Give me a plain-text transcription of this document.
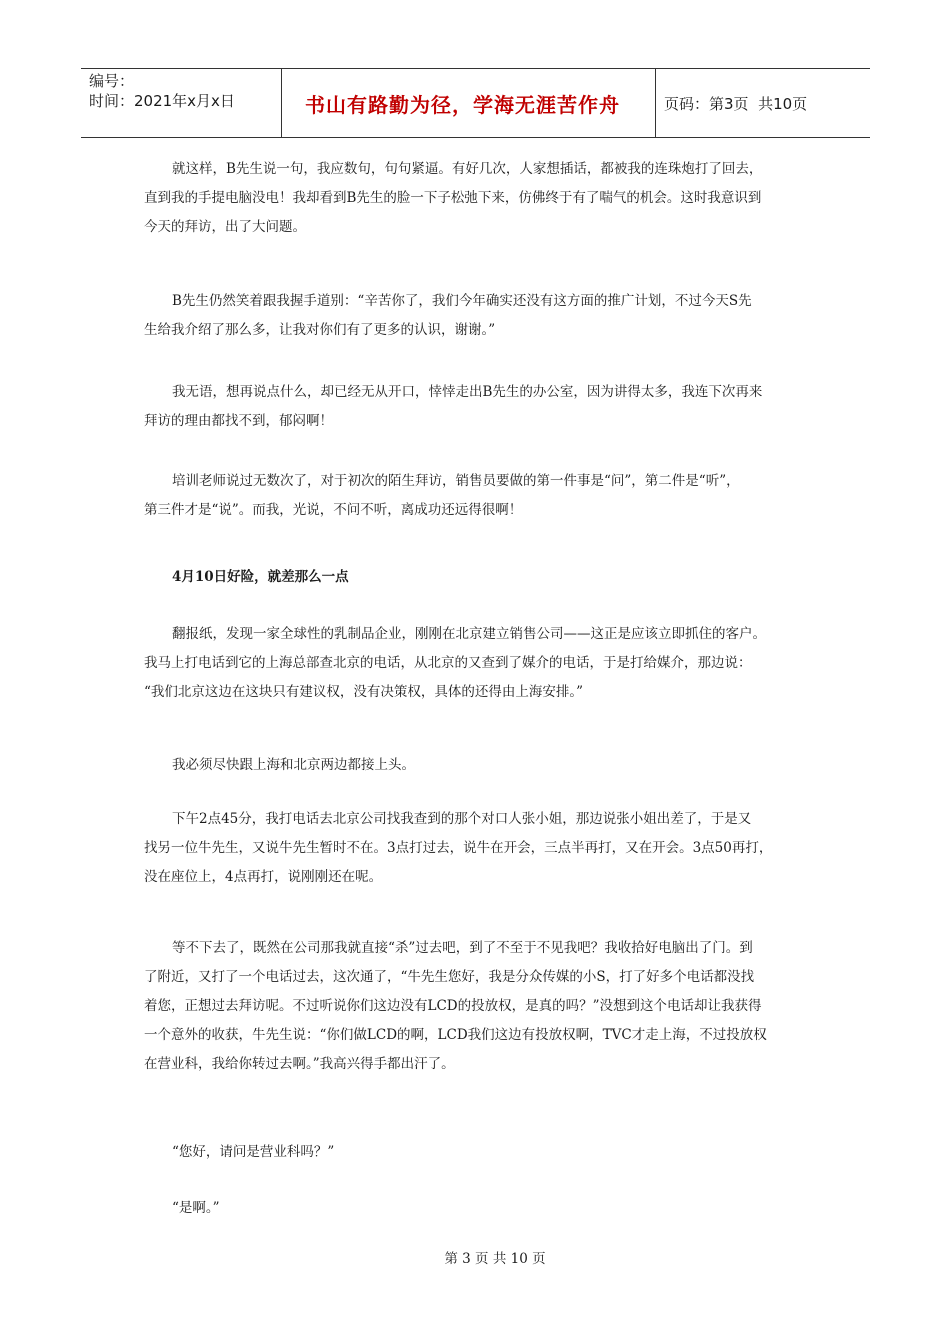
编号：
时间：2021年x月x日	书山有路勤为径，学海无涯苦作舟	页码：第3页  共10页
就这样，B先生说一句，我应数句，句句紧逼。有好几次，人家想插话，都被我的连珠炮打了回去，
直到我的手提电脑没电！我却看到B先生的脸一下子松弛下来，仿佛终于有了喘气的机会。这时我意识到
今天的拜访，出了大问题。
B先生仍然笑着跟我握手道别：“辛苦你了，我们今年确实还没有这方面的推广计划，不过今天S先
生给我介绍了那么多，让我对你们有了更多的认识，谢谢。”
我无语，想再说点什么，却已经无从开口，悻悻走出B先生的办公室，因为讲得太多，我连下次再来
拜访的理由都找不到，郁闷啊！
培训老师说过无数次了，对于初次的陌生拜访，销售员要做的第一件事是“问”，第二件是“听”，
第三件才是“说”。而我，光说，不问不听，离成功还远得很啊！
4月10日好险，就差那么一点
翻报纸，发现一家全球性的乳制品企业，刚刚在北京建立销售公司——这正是应该立即抓住的客户。
我马上打电话到它的上海总部查北京的电话，从北京的又查到了媒介的电话，于是打给媒介，那边说：
“我们北京这边在这块只有建议权，没有决策权，具体的还得由上海安排。”
我必须尽快跟上海和北京两边都接上头。
下午2点45分，我打电话去北京公司找我查到的那个对口人张小姐，那边说张小姐出差了，于是又
找另一位牛先生，又说牛先生暂时不在。3点打过去，说牛在开会，三点半再打，又在开会。3点50再打，
没在座位上，4点再打，说刚刚还在呢。
等不下去了，既然在公司那我就直接“杀”过去吧，到了不至于不见我吧？我收拾好电脑出了门。到
了附近，又打了一个电话过去，这次通了，“牛先生您好，我是分众传媒的小S，打了好多个电话都没找
着您，正想过去拜访呢。不过听说你们这边没有LCD的投放权，是真的吗？”没想到这个电话却让我获得
一个意外的收获，牛先生说：“你们做LCD的啊，LCD我们这边有投放权啊，TVC才走上海，不过投放权
在营业科，我给你转过去啊。”我高兴得手都出汗了。
“您好，请问是营业科吗？”
“是啊。”
第 3 页 共 10 页
